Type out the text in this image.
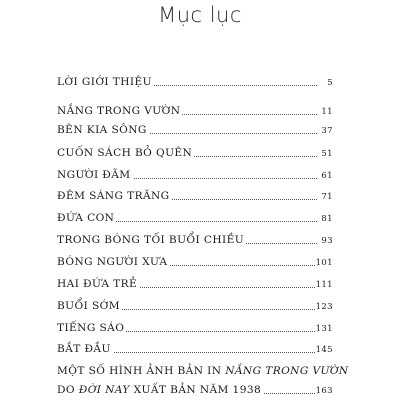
Mục lục
LỜI GIỚI THIỆU	5
NẮNG TRONG VƯỜN	11
BÊN KIA SÔNG	37
CUỐN SÁCH BỎ QUÊN	51
NGƯỜI ĐÃM	61
ĐÊM SÁNG TRĂNG	71
ĐỨA CON	81
TRONG BÓNG TỐI BUỔI CHIỀU	93
BÓNG NGƯỜI XƯA	101
HAI ĐỨA TRẺ	111
BUỔI SỚM	123
TIẾNG SÁO	131
BẮT ĐẦU	145
MỘT SỐ HÌNH ẢNH BẢN IN NẮNG TRONG VƯỜN
DO ĐỜI NAY XUẤT BẢN NĂM 1938	163
